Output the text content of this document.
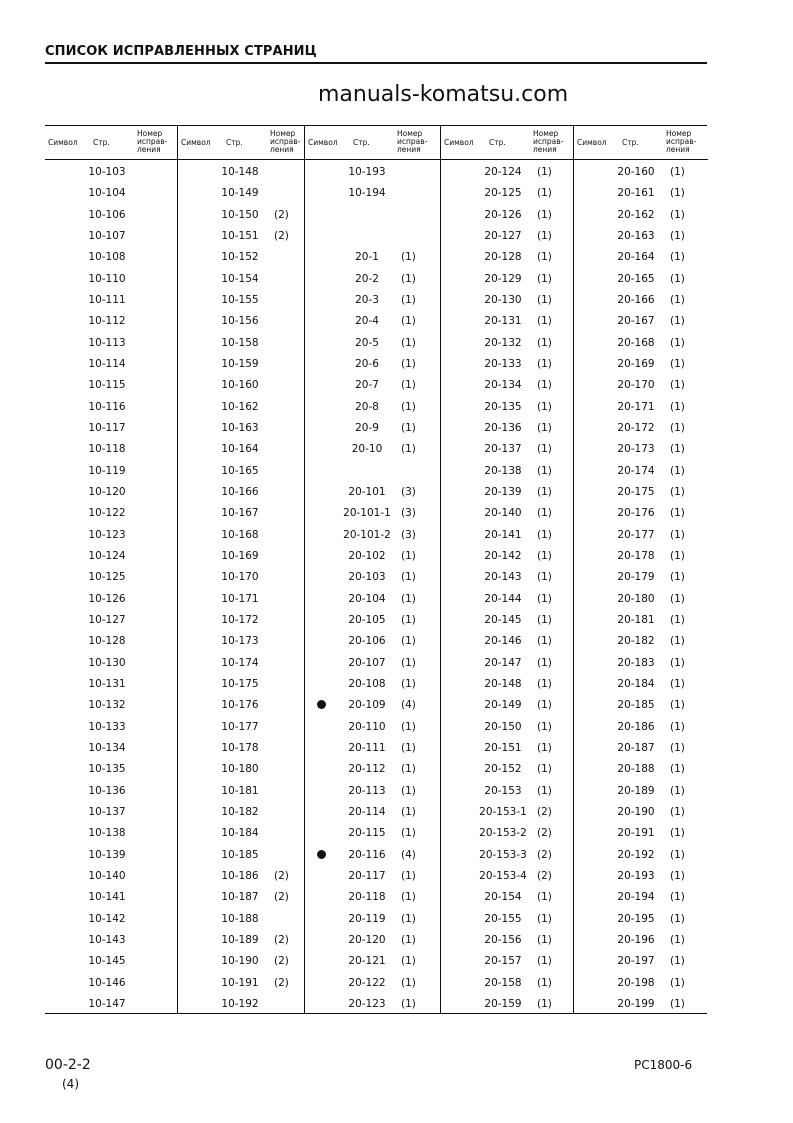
СПИСОК ИСПРАВЛЕННЫХ СТРАНИЦ
manuals-komatsu.com
Символ Стр.
Номер исправ-ления
10-103
10-104
10-106
10-107
10-108
10-110
10-111
10-112
10-113
10-114
10-115
10-116
10-117
10-118
10-119
10-120
10-122
10-123
10-124
10-125
10-126
10-127
10-128
10-130
10-131
10-132
10-133
10-134
10-135
10-136
10-137
10-138
10-139
10-140
10-141
10-142
10-143
10-145
10-146
10-147
Символ Стр.
Номер исправ-ления
10-148
10-149
10-150	(2)
10-151	(2)
10-152
10-154
10-155
10-156
10-158
10-159
10-160
10-162
10-163
10-164
10-165
10-166
10-167
10-168
10-169
10-170
10-171
10-172
10-173
10-174
10-175
10-176
10-177
10-178
10-180
10-181
10-182
10-184
10-185
10-186	(2)
10-187	(2)
10-188
10-189	(2)
10-190	(2)
10-191	(2)
10-192
Символ Стр.
Номер исправ-ления
10-193
10-194
20-1	(1)
20-2	(1)
20-3	(1)
20-4	(1)
20-5	(1)
20-6	(1)
20-7	(1)
20-8	(1)
20-9	(1)
20-10	(1)
20-101	(3)
20-101-1 (3)
20-101-2 (3)
20-102	(1)
20-103	(1)
20-104	(1)
20-105	(1)
20-106	(1)
20-107	(1)
20-108	(1)
20-109	(4)
20-110	(1)
20-111	(1)
20-112	(1)
20-113	(1)
20-114	(1)
20-115	(1)
20-116	(4)
20-117	(1)
20-118	(1)
20-119	(1)
20-120	(1)
20-121	(1)
20-122	(1)
20-123	(1)
Символ Стр.
Номер исправ-ления
20-124	(1)
20-125	(1)
20-126	(1)
20-127	(1)
20-128	(1)
20-129	(1)
20-130	(1)
20-131	(1)
20-132	(1)
20-133	(1)
20-134	(1)
20-135	(1)
20-136	(1)
20-137	(1)
20-138	(1)
20-139	(1)
20-140	(1)
20-141	(1)
20-142	(1)
20-143	(1)
20-144	(1)
20-145	(1)
20-146	(1)
20-147	(1)
20-148	(1)
20-149	(1)
20-150	(1)
20-151	(1)
20-152	(1)
20-153	(1)
20-153-1 (2)
20-153-2 (2)
20-153-3 (2)
20-153-4 (2)
20-154	(1)
20-155	(1)
20-156	(1)
20-157	(1)
20-158	(1)
20-159	(1)
Символ Стр.
Номер исправ-ления
20-160	(1)
20-161	(1)
20-162	(1)
20-163	(1)
20-164	(1)
20-165	(1)
20-166	(1)
20-167	(1)
20-168	(1)
20-169	(1)
20-170	(1)
20-171	(1)
20-172	(1)
20-173	(1)
20-174	(1)
20-175	(1)
20-176	(1)
20-177	(1)
20-178	(1)
20-179	(1)
20-180	(1)
20-181	(1)
20-182	(1)
20-183	(1)
20-184	(1)
20-185	(1)
20-186	(1)
20-187	(1)
20-188	(1)
20-189	(1)
20-190	(1)
20-191	(1)
20-192	(1)
20-193	(1)
20-194	(1)
20-195	(1)
20-196	(1)
20-197	(1)
20-198	(1)
20-199	(1)
00-2-2
(4)
PC1800-6
